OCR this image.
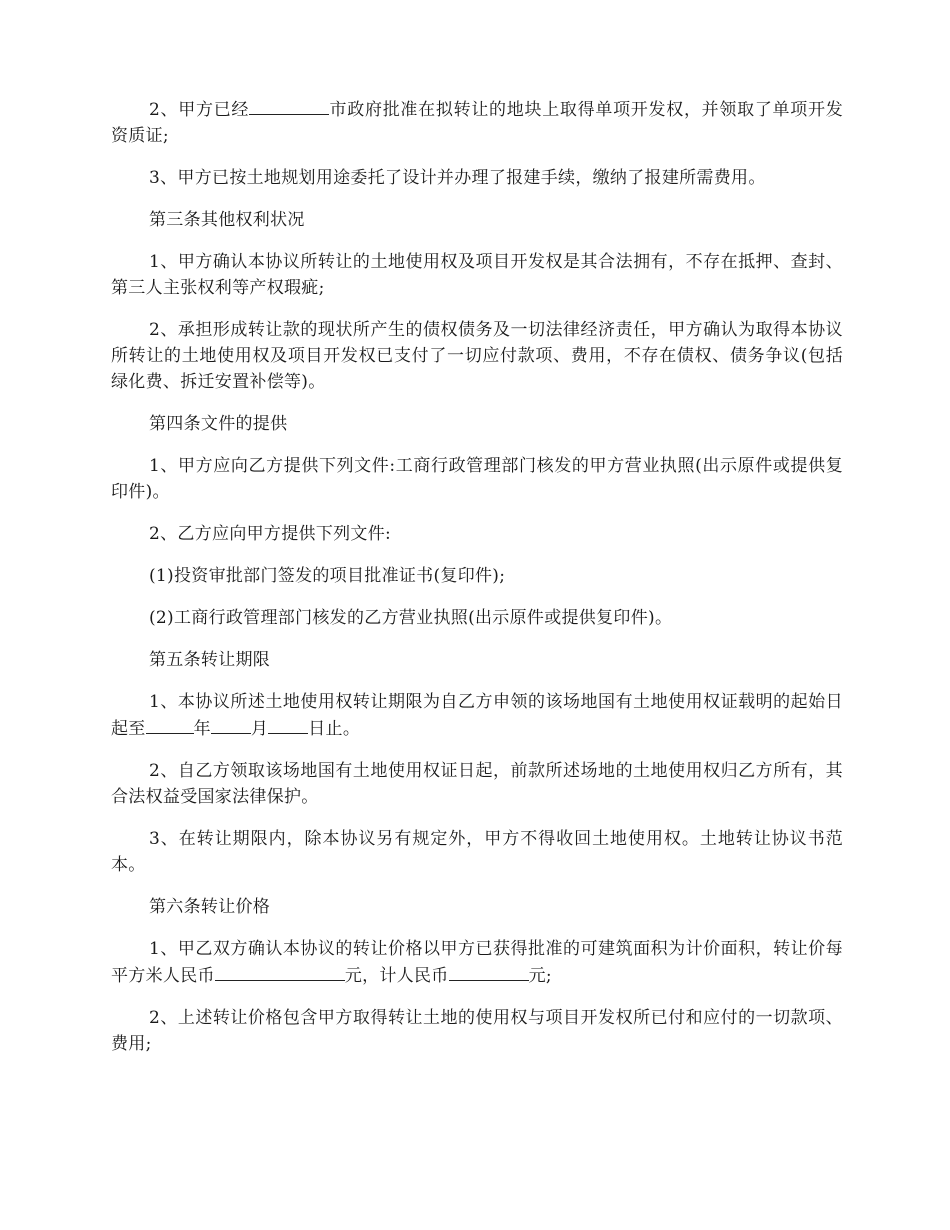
2、甲方已经	市政府批准在拟转让的地块上取得单项开发权，并领取了单项开发资质证;

3、甲方已按土地规划用途委托了设计并办理了报建手续，缴纳了报建所需费用。

第三条其他权利状况

1、甲方确认本协议所转让的土地使用权及项目开发权是其合法拥有，不存在抵押、查封、第三人主张权利等产权瑕疵;

2、承担形成转让款的现状所产生的债权债务及一切法律经济责任，甲方确认为取得本协议所转让的土地使用权及项目开发权已支付了一切应付款项、费用，不存在债权、债务争议(包括绿化费、拆迁安置补偿等)。

第四条文件的提供

1、甲方应向乙方提供下列文件:工商行政管理部门核发的甲方营业执照(出示原件或提供复印件)。

2、乙方应向甲方提供下列文件:

(1)投资审批部门签发的项目批准证书(复印件);

(2)工商行政管理部门核发的乙方营业执照(出示原件或提供复印件)。

第五条转让期限

1、本协议所述土地使用权转让期限为自乙方申领的该场地国有土地使用权证载明的起始日起至	年 月 日止。

2、自乙方领取该场地国有土地使用权证日起，前款所述场地的土地使用权归乙方所有，其合法权益受国家法律保护。

3、在转让期限内，除本协议另有规定外，甲方不得收回土地使用权。土地转让协议书范本。

第六条转让价格

1、甲乙双方确认本协议的转让价格以甲方已获得批准的可建筑面积为计价面积，转让价每平方米人民币	元，计人民币	元;

2、上述转让价格包含甲方取得转让土地的使用权与项目开发权所已付和应付的一切款项、费用;
